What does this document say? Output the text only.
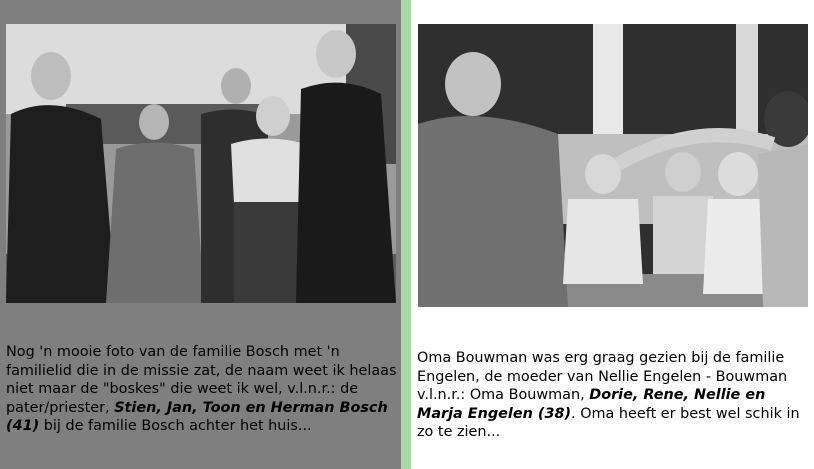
Nog 'n mooie foto van de familie Bosch met 'n familielid die in de missie zat, de naam weet ik helaas niet maar de "boskes" die weet ik wel, v.l.n.r.: de pater/priester, Stien, Jan, Toon en Herman Bosch (41) bij de familie Bosch achter het huis...
Oma Bouwman was erg graag gezien bij de familie Engelen, de moeder van Nellie Engelen - Bouwman v.l.n.r.: Oma Bouwman, Dorie, Rene, Nellie en Marja Engelen (38). Oma heeft er best wel schik in zo te zien...
